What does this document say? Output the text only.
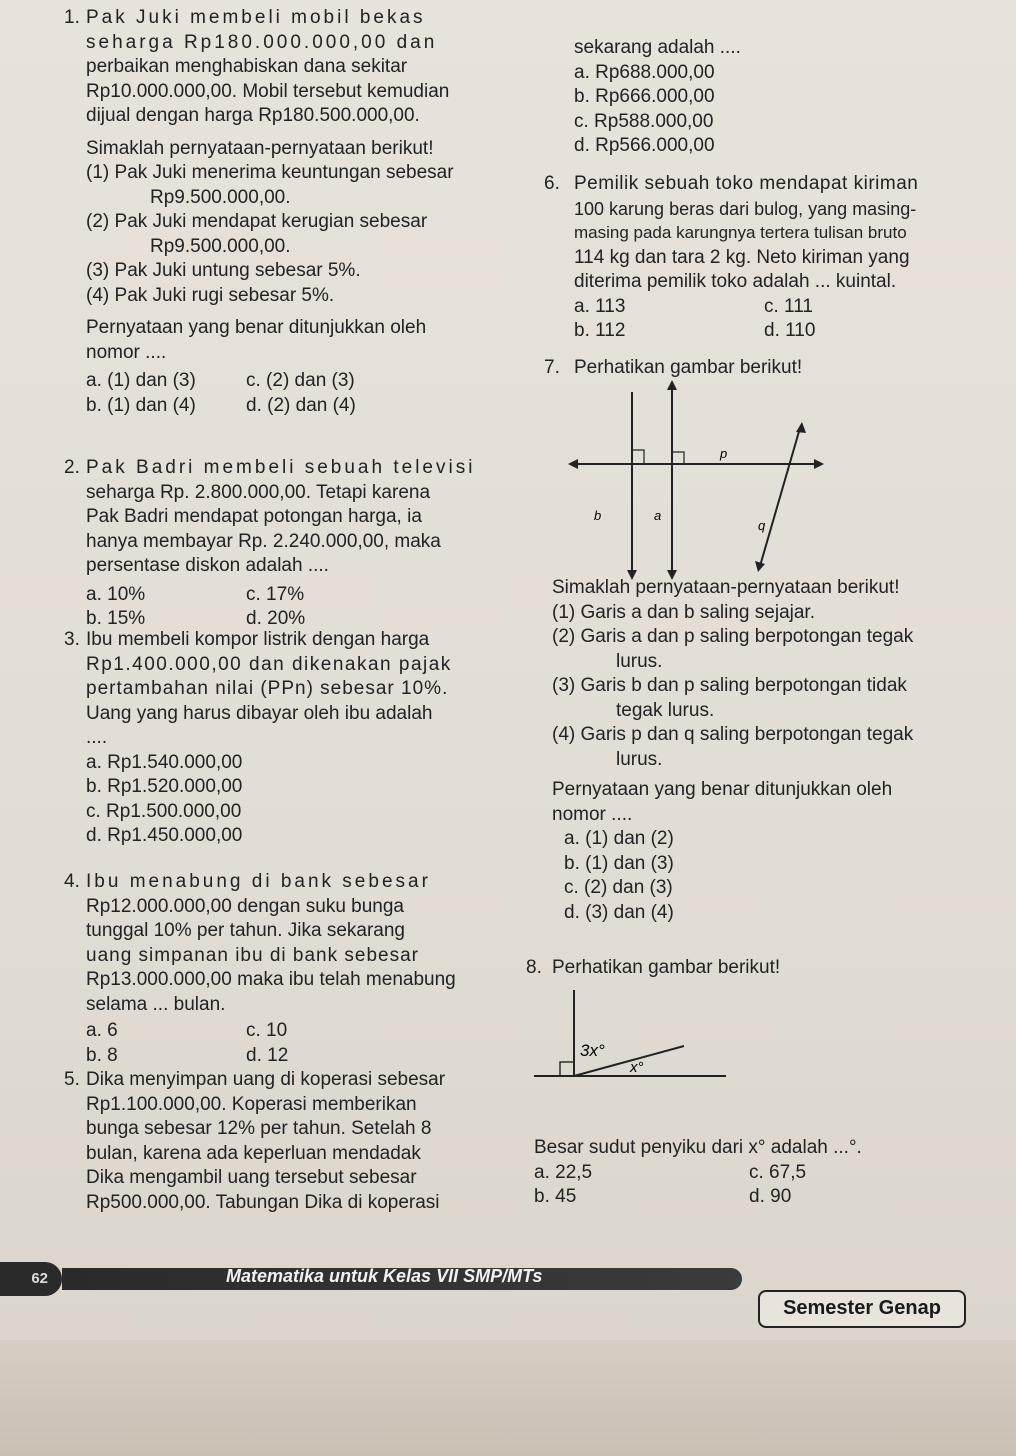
1. Pak Juki membeli mobil bekas
seharga Rp180.000.000,00 dan
perbaikan menghabiskan dana sekitar
Rp10.000.000,00. Mobil tersebut kemudian
dijual dengan harga Rp180.500.000,00.
Simaklah pernyataan-pernyataan berikut!
(1) Pak Juki menerima keuntungan sebesar
Rp9.500.000,00.
(2) Pak Juki mendapat kerugian sebesar
Rp9.500.000,00.
(3) Pak Juki untung sebesar 5%.
(4) Pak Juki rugi sebesar 5%.
Pernyataan yang benar ditunjukkan oleh
nomor ....
a. (1) dan (3)	c. (2) dan (3)
b. (1) dan (4)	d. (2) dan (4)
2. Pak Badri membeli sebuah televisi
seharga Rp. 2.800.000,00. Tetapi karena
Pak Badri mendapat potongan harga, ia
hanya membayar Rp. 2.240.000,00, maka
persentase diskon adalah ....
a. 10%	c. 17%
b. 15%	d. 20%
3. Ibu membeli kompor listrik dengan harga
Rp1.400.000,00 dan dikenakan pajak
pertambahan nilai (PPn) sebesar 10%.
Uang yang harus dibayar oleh ibu adalah
....
a. Rp1.540.000,00
b. Rp1.520.000,00
c. Rp1.500.000,00
d. Rp1.450.000,00
4. Ibu menabung di bank sebesar
Rp12.000.000,00 dengan suku bunga
tunggal 10% per tahun. Jika sekarang
uang simpanan ibu di bank sebesar
Rp13.000.000,00 maka ibu telah menabung
selama ... bulan.
a. 6	c. 10
b. 8	d. 12
5. Dika menyimpan uang di koperasi sebesar
Rp1.100.000,00. Koperasi memberikan
bunga sebesar 12% per tahun. Setelah 8
bulan, karena ada keperluan mendadak
Dika mengambil uang tersebut sebesar
Rp500.000,00. Tabungan Dika di koperasi
sekarang adalah ....
a. Rp688.000,00
b. Rp666.000,00
c. Rp588.000,00
d. Rp566.000,00
6. Pemilik sebuah toko mendapat kiriman
100 karung beras dari bulog, yang masing-
masing pada karungnya tertera tulisan bruto
114 kg dan tara 2 kg. Neto kiriman yang
diterima pemilik toko adalah ... kuintal.
a. 113	c. 111
b. 112	d. 110
7. Perhatikan gambar berikut!
p
q
a
b
Simaklah pernyataan-pernyataan berikut!
(1) Garis a dan b saling sejajar.
(2) Garis a dan p saling berpotongan tegak
lurus.
(3) Garis b dan p saling berpotongan tidak
tegak lurus.
(4) Garis p dan q saling berpotongan tegak
lurus.
Pernyataan yang benar ditunjukkan oleh
nomor ....
a. (1) dan (2)
b. (1) dan (3)
c. (2) dan (3)
d. (3) dan (4)
8. Perhatikan gambar berikut!
3x°
x°
Besar sudut penyiku dari x° adalah ...°.
a. 22,5	c. 67,5
b. 45	d. 90
62	Matematika untuk Kelas VII SMP/MTs
Semester Genap
